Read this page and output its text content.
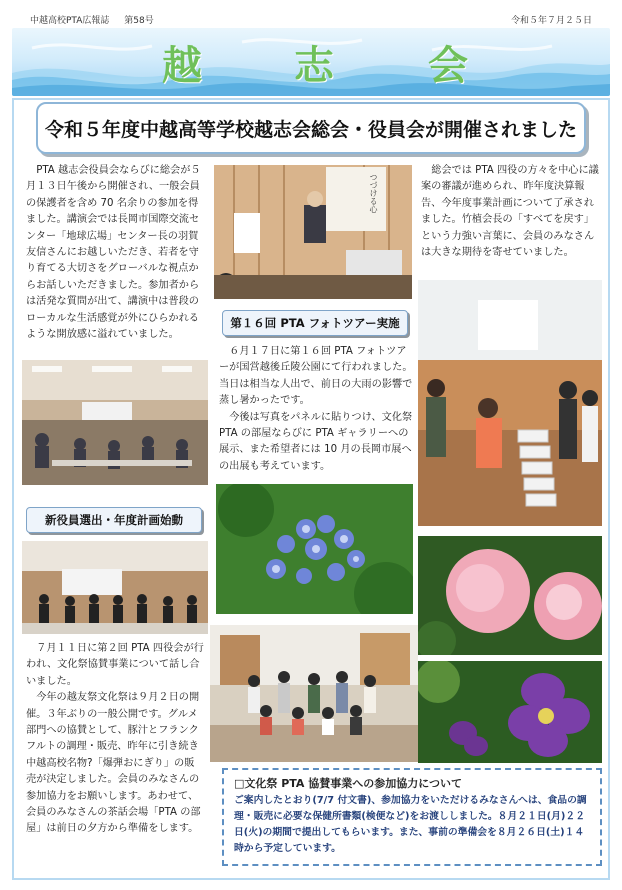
中越高校PTA広報誌 第58号	令和５年７月２５日
越 志 会
令和５年度中越高等学校越志会総会・役員会が開催されました

PTA 越志会役員会ならびに総会が５月１３日午後から開催され、一般会員の保護者を含め 70 名余りの参加を得ました。講演会では長岡市国際交流センター「地球広場」センター長の羽賀友信さんにお越しいただき、若者を守り育てる大切さをグローバルな視点からお話しいただきました。参加者からは活発な質問が出て、講演中は普段のローカルな生活感覚が外にひらかれるような開放感に溢れていました。

新役員選出・年度計画始動

７月１１日に第２回 PTA 四役会が行われ、文化祭協賛事業について話し合いました。

今年の越友祭文化祭は９月２日の開催。３年ぶりの一般公開です。グルメ部門への協賛として、豚汁とフランクフルトの調理・販売、昨年に引き続き中越高校名物?「爆弾おにぎり」の販売が決定しました。会員のみなさんの参加協力をお願いします。あわせて、会員のみなさんの茶話会場「PTA の部屋」は前日の夕方から準備をします。

つづける心
第１６回 PTA フォトツアー実施

６月１７日に第１６回 PTA フォトツアーが国営越後丘陵公園にて行われました。当日は相当な人出で、前日の大雨の影響で蒸し暑かったです。

今後は写真をパネルに貼りつけ、文化祭 PTA の部屋ならびに PTA ギャラリーへの展示、また希望者には 10 月の長岡市展への出展も考えています。

総会では PTA 四役の方々を中心に議案の審議が進められ、昨年度決算報告、今年度事業計画について了承されました。竹植会長の「すべてを戻す」という力強い言葉に、会員のみなさんは大きな期待を寄せていました。

□文化祭 PTA 協賛事業への参加協力について
ご案内したとおり(7/7 付文書)、参加協力をいただけるみなさんへは、食品の調理・販売に必要な保健所書類(検便など)をお渡ししました。８月２１日(月)２２日(火)の期間で提出してもらいます。また、事前の準備会を８月２６日(土)１４時から予定しています。
